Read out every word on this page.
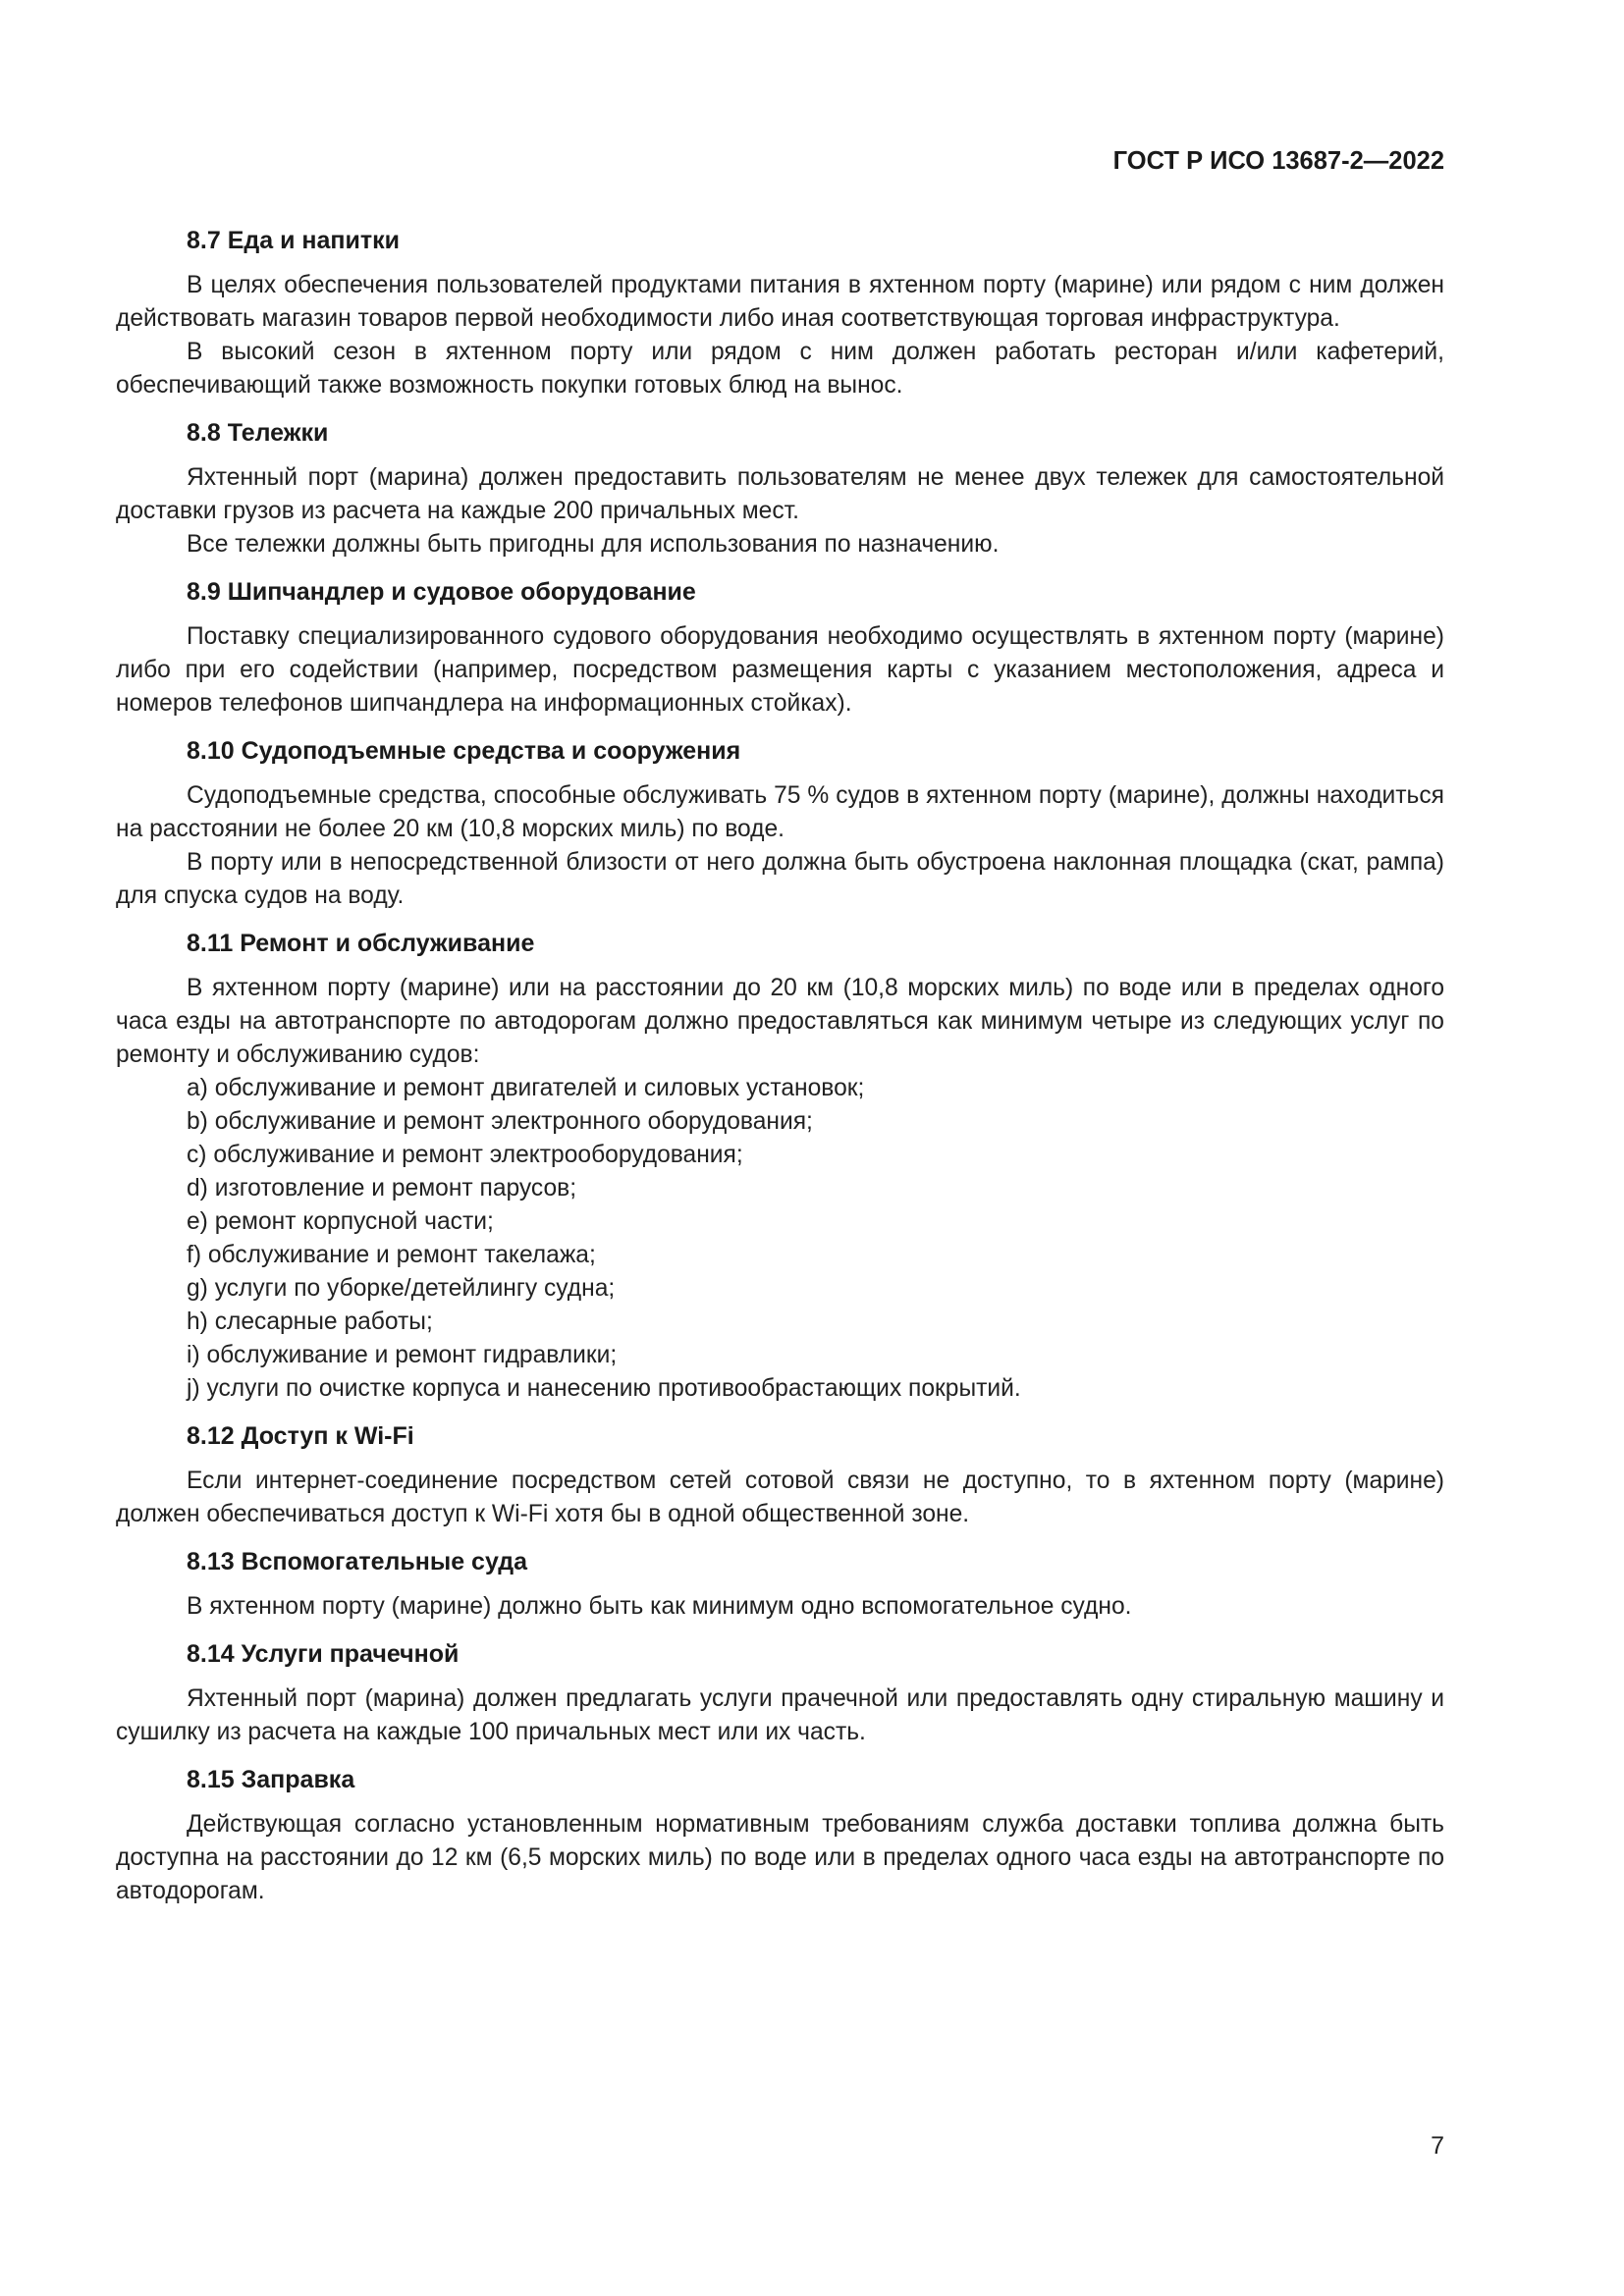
ГОСТ Р ИСО 13687-2—2022
8.7 Еда и напитки

В целях обеспечения пользователей продуктами питания в яхтенном порту (марине) или рядом с ним должен действовать магазин товаров первой необходимости либо иная соответствующая торговая инфраструктура.

В высокий сезон в яхтенном порту или рядом с ним должен работать ресторан и/или кафетерий, обеспечивающий также возможность покупки готовых блюд на вынос.

8.8 Тележки

Яхтенный порт (марина) должен предоставить пользователям не менее двух тележек для самостоятельной доставки грузов из расчета на каждые 200 причальных мест.

Все тележки должны быть пригодны для использования по назначению.

8.9 Шипчандлер и судовое оборудование

Поставку специализированного судового оборудования необходимо осуществлять в яхтенном порту (марине) либо при его содействии (например, посредством размещения карты с указанием местоположения, адреса и номеров телефонов шипчандлера на информационных стойках).

8.10 Судоподъемные средства и сооружения

Судоподъемные средства, способные обслуживать 75 % судов в яхтенном порту (марине), должны находиться на расстоянии не более 20 км (10,8 морских миль) по воде.

В порту или в непосредственной близости от него должна быть обустроена наклонная площадка (скат, рампа) для спуска судов на воду.

8.11 Ремонт и обслуживание

В яхтенном порту (марине) или на расстоянии до 20 км (10,8 морских миль) по воде или в пределах одного часа езды на автотранспорте по автодорогам должно предоставляться как минимум четыре из следующих услуг по ремонту и обслуживанию судов:

а) обслуживание и ремонт двигателей и силовых установок;
b) обслуживание и ремонт электронного оборудования;
c) обслуживание и ремонт электрооборудования;
d) изготовление и ремонт парусов;
e) ремонт корпусной части;
f) обслуживание и ремонт такелажа;
g) услуги по уборке/детейлингу судна;
h) слесарные работы;
i) обслуживание и ремонт гидравлики;
j) услуги по очистке корпуса и нанесению противообрастающих покрытий.
8.12 Доступ к Wi-Fi

Если интернет-соединение посредством сетей сотовой связи не доступно, то в яхтенном порту (марине) должен обеспечиваться доступ к Wi-Fi хотя бы в одной общественной зоне.

8.13 Вспомогательные суда

В яхтенном порту (марине) должно быть как минимум одно вспомогательное судно.

8.14 Услуги прачечной

Яхтенный порт (марина) должен предлагать услуги прачечной или предоставлять одну стиральную машину и сушилку из расчета на каждые 100 причальных мест или их часть.

8.15 Заправка

Действующая согласно установленным нормативным требованиям служба доставки топлива должна быть доступна на расстоянии до 12 км (6,5 морских миль) по воде или в пределах одного часа езды на автотранспорте по автодорогам.

7
